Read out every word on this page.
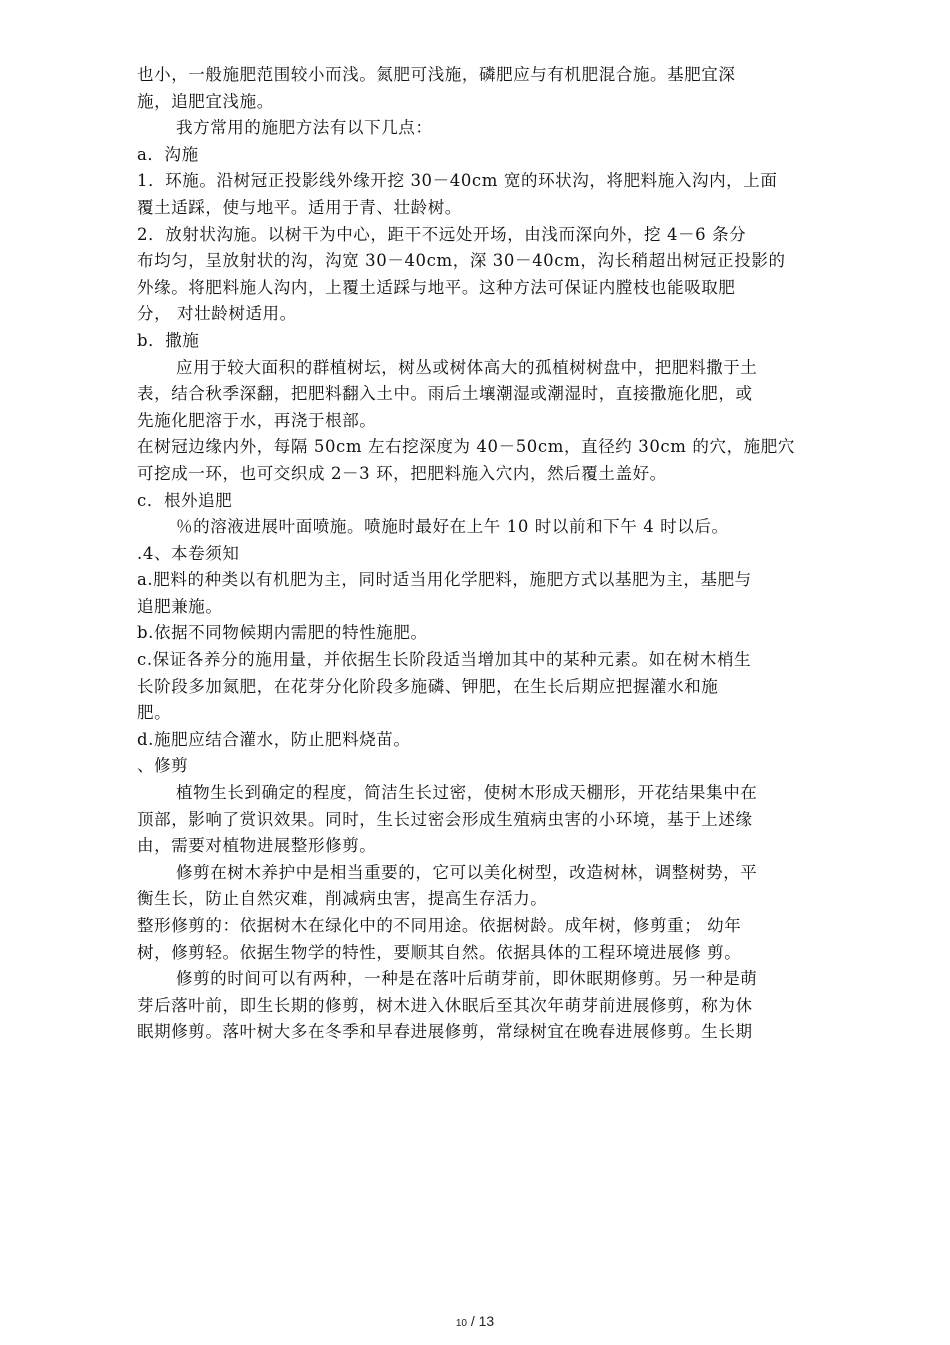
也小，一般施肥范围较小而浅。氮肥可浅施，磷肥应与有机肥混合施。基肥宜深

施，追肥宜浅施。

我方常用的施肥方法有以下几点：

a．沟施

1．环施。沿树冠正投影线外缘开挖 30－40cm 宽的环状沟，将肥料施入沟内，上面

覆土适踩，使与地平。适用于青、壮龄树。

2．放射状沟施。以树干为中心，距干不远处开场，由浅而深向外，挖 4－6 条分

布均匀，呈放射状的沟，沟宽 30－40cm，深 30－40cm，沟长稍超出树冠正投影的

外缘。将肥料施人沟内，上覆土适踩与地平。这种方法可保证内膛枝也能吸取肥

分， 对壮龄树适用。

b．撒施

应用于较大面积的群植树坛，树丛或树体高大的孤植树树盘中，把肥料撒于土

表，结合秋季深翻，把肥料翻入土中。雨后土壤潮湿或潮湿时，直接撒施化肥，或

先施化肥溶于水，再浇于根部。

在树冠边缘内外，每隔 50cm 左右挖深度为 40－50cm，直径约 30cm 的穴，施肥穴

可挖成一环，也可交织成 2－3 环，把肥料施入穴内，然后覆土盖好。

c．根外追肥

％的溶液进展叶面喷施。喷施时最好在上午 10 时以前和下午 4 时以后。

.4、本卷须知

a.肥料的种类以有机肥为主，同时适当用化学肥料，施肥方式以基肥为主，基肥与

追肥兼施。

b.依据不同物候期内需肥的特性施肥。

c.保证各养分的施用量，并依据生长阶段适当增加其中的某种元素。如在树木梢生

长阶段多加氮肥，在花芽分化阶段多施磷、钾肥，在生长后期应把握灌水和施

肥。

d.施肥应结合灌水，防止肥料烧苗。

、修剪

植物生长到确定的程度，简洁生长过密，使树木形成天棚形，开花结果集中在

顶部，影响了赏识效果。同时，生长过密会形成生殖病虫害的小环境，基于上述缘

由，需要对植物进展整形修剪。

修剪在树木养护中是相当重要的，它可以美化树型，改造树林，调整树势，平

衡生长，防止自然灾难，削减病虫害，提高生存活力。

整形修剪的：依据树木在绿化中的不同用途。依据树龄。成年树，修剪重； 幼年

树，修剪轻。依据生物学的特性，要顺其自然。依据具体的工程环境进展修 剪。

修剪的时间可以有两种，一种是在落叶后萌芽前，即休眠期修剪。另一种是萌

芽后落叶前，即生长期的修剪，树木进入休眠后至其次年萌芽前进展修剪，称为休

眠期修剪。落叶树大多在冬季和早春进展修剪，常绿树宜在晚春进展修剪。生长期

10 / 13
